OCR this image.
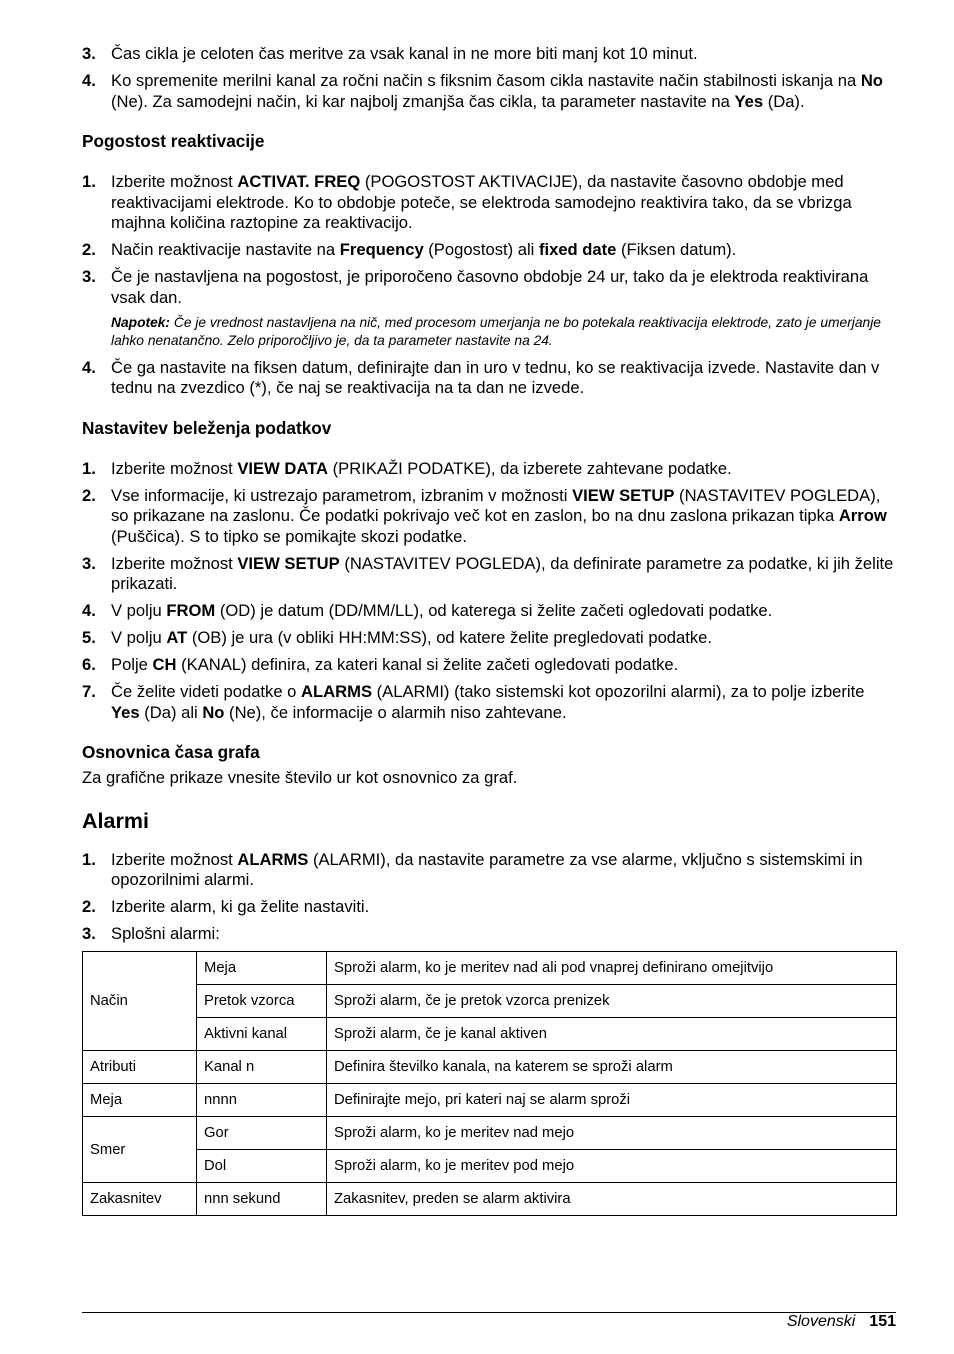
3. Čas cikla je celoten čas meritve za vsak kanal in ne more biti manj kot 10 minut.
4. Ko spremenite merilni kanal za ročni način s fiksnim časom cikla nastavite način stabilnosti iskanja na No (Ne). Za samodejni način, ki kar najbolj zmanjša čas cikla, ta parameter nastavite na Yes (Da).
Pogostost reaktivacije
1. Izberite možnost ACTIVAT. FREQ (POGOSTOST AKTIVACIJE), da nastavite časovno obdobje med reaktivacijami elektrode. Ko to obdobje poteče, se elektroda samodejno reaktivira tako, da se vbrizga majhna količina raztopine za reaktivacijo.
2. Način reaktivacije nastavite na Frequency (Pogostost) ali fixed date (Fiksen datum).
3. Če je nastavljena na pogostost, je priporočeno časovno obdobje 24 ur, tako da je elektroda reaktivirana vsak dan.
Napotek: Če je vrednost nastavljena na nič, med procesom umerjanja ne bo potekala reaktivacija elektrode, zato je umerjanje lahko nenatančno. Zelo priporočljivo je, da ta parameter nastavite na 24.
4. Če ga nastavite na fiksen datum, definirajte dan in uro v tednu, ko se reaktivacija izvede. Nastavite dan v tednu na zvezdico (*), če naj se reaktivacija na ta dan ne izvede.
Nastavitev beleženja podatkov
1. Izberite možnost VIEW DATA (PRIKAŽI PODATKE), da izberete zahtevane podatke.
2. Vse informacije, ki ustrezajo parametrom, izbranim v možnosti VIEW SETUP (NASTAVITEV POGLEDA), so prikazane na zaslonu. Če podatki pokrivajo več kot en zaslon, bo na dnu zaslona prikazan tipka Arrow (Puščica). S to tipko se pomikajte skozi podatke.
3. Izberite možnost VIEW SETUP (NASTAVITEV POGLEDA), da definirate parametre za podatke, ki jih želite prikazati.
4. V polju FROM (OD) je datum (DD/MM/LL), od katerega si želite začeti ogledovati podatke.
5. V polju AT (OB) je ura (v obliki HH:MM:SS), od katere želite pregledovati podatke.
6. Polje CH (KANAL) definira, za kateri kanal si želite začeti ogledovati podatke.
7. Če želite videti podatke o ALARMS (ALARMI) (tako sistemski kot opozorilni alarmi), za to polje izberite Yes (Da) ali No (Ne), če informacije o alarmih niso zahtevane.
Osnovnica časa grafa

Za grafične prikaze vnesite število ur kot osnovnico za graf.

Alarmi
1. Izberite možnost ALARMS (ALARMI), da nastavite parametre za vse alarme, vključno s sistemskimi in opozorilnimi alarmi.
2. Izberite alarm, ki ga želite nastaviti.
3. Splošni alarmi:
Način	Meja	Sproži alarm, ko je meritev nad ali pod vnaprej definirano omejitvijo
	Pretok vzorca	Sproži alarm, če je pretok vzorca prenizek
	Aktivni kanal	Sproži alarm, če je kanal aktiven
Atributi	Kanal n	Definira številko kanala, na katerem se sproži alarm
Meja	nnnn	Definirajte mejo, pri kateri naj se alarm sproži
Smer	Gor	Sproži alarm, ko je meritev nad mejo
	Dol	Sproži alarm, ko je meritev pod mejo
Zakasnitev	nnn sekund	Zakasnitev, preden se alarm aktivira
Slovenski 151
